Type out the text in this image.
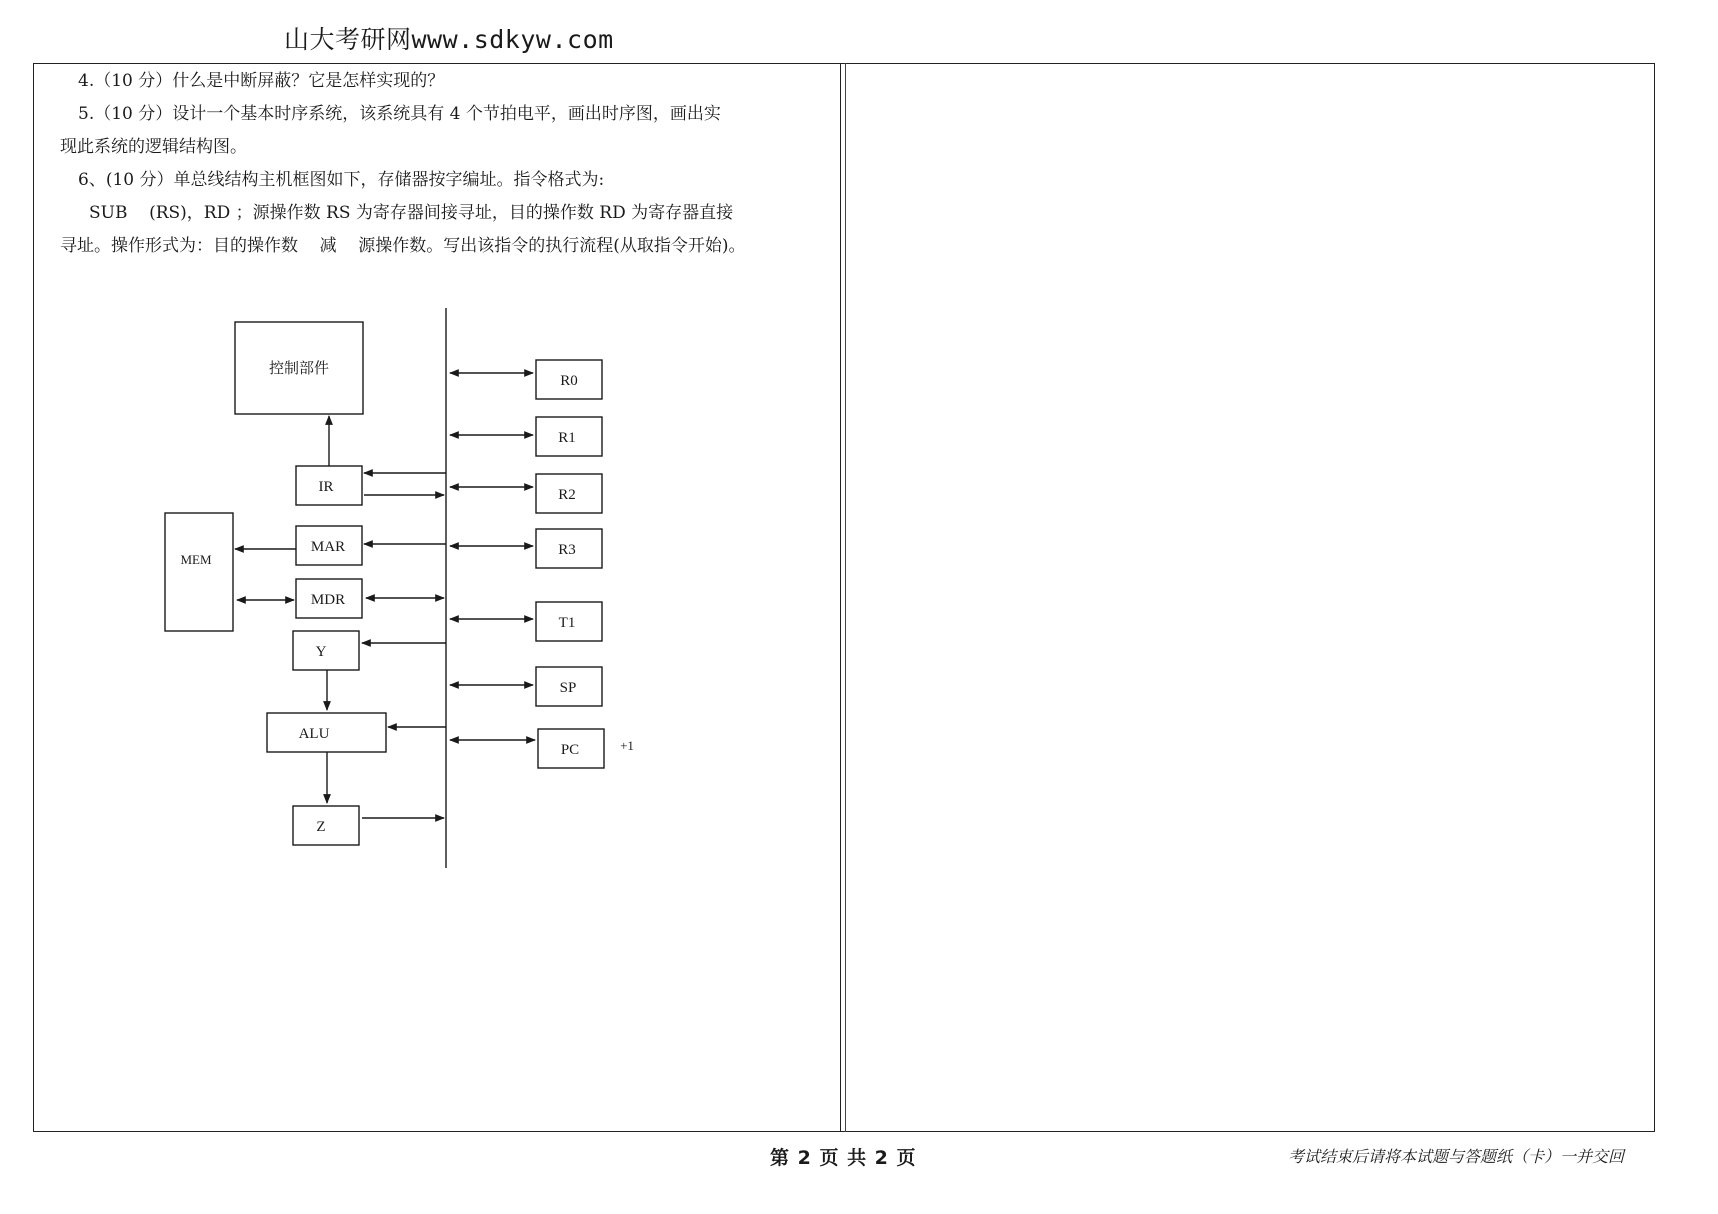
山大考研网www.sdkyw.com
4.（10 分）什么是中断屏蔽？它是怎样实现的？
5.（10 分）设计一个基本时序系统，该系统具有 4 个节拍电平，画出时序图，画出实
现此系统的逻辑结构图。
6、(10 分）单总线结构主机框图如下，存储器按字编址。指令格式为:
SUB    (RS)，RD ；源操作数 RS 为寄存器间接寻址，目的操作数 RD 为寄存器直接
寻址。操作形式为：目的操作数    减    源操作数。写出该指令的执行流程(从取指令开始)。
控制部件
IR
MEM
MAR
MDR
Y
ALU
Z
R0
R1
R2
R3
T1
SP
PC	+1
第 2 页 共 2 页	考试结束后请将本试题与答题纸（卡）一并交回
